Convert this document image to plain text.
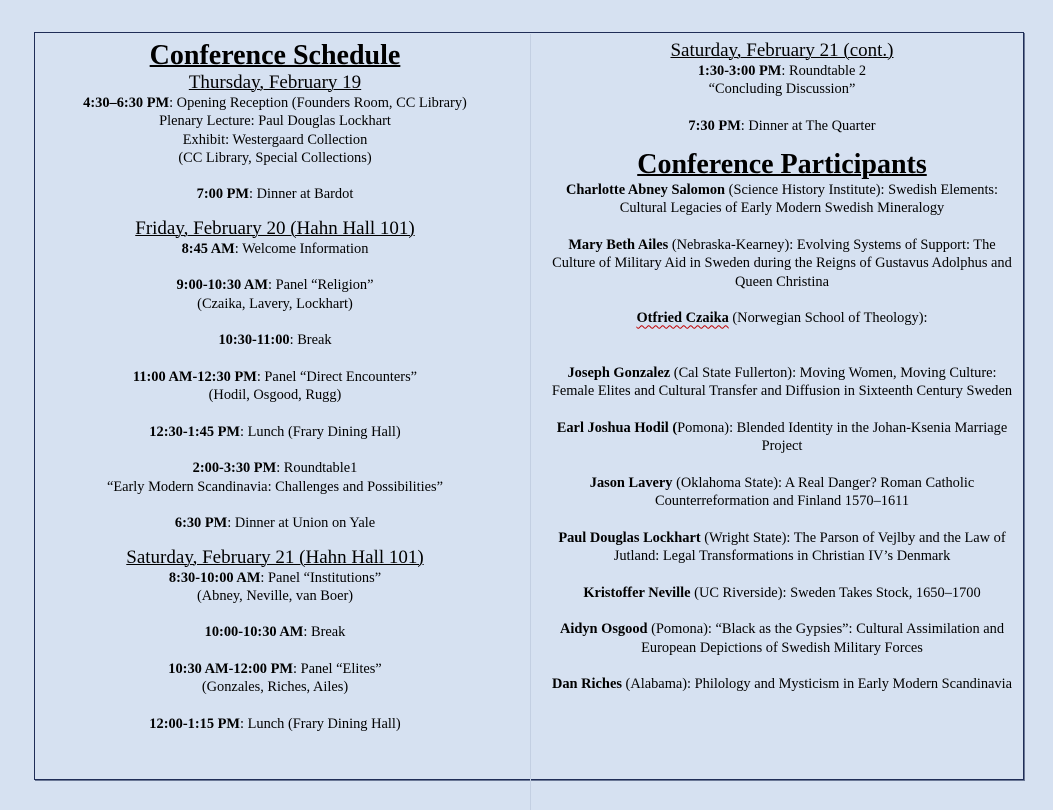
Conference Schedule
Thursday, February 19
4:30–6:30 PM: Opening Reception (Founders Room, CC Library)
Plenary Lecture: Paul Douglas Lockhart
Exhibit: Westergaard Collection
(CC Library, Special Collections)
7:00 PM: Dinner at Bardot
Friday, February 20 (Hahn Hall 101)
8:45 AM: Welcome Information
9:00-10:30 AM: Panel “Religion”
(Czaika, Lavery, Lockhart)
10:30-11:00: Break
11:00 AM-12:30 PM: Panel “Direct Encounters”
(Hodil, Osgood, Rugg)
12:30-1:45 PM: Lunch (Frary Dining Hall)
2:00-3:30 PM: Roundtable1
“Early Modern Scandinavia: Challenges and Possibilities”
6:30 PM: Dinner at Union on Yale
Saturday, February 21 (Hahn Hall 101)
8:30-10:00 AM: Panel “Institutions”
(Abney, Neville, van Boer)
10:00-10:30 AM: Break
10:30 AM-12:00 PM: Panel “Elites”
(Gonzales, Riches, Ailes)
12:00-1:15 PM: Lunch (Frary Dining Hall)
Saturday, February 21 (cont.)
1:30-3:00 PM: Roundtable 2
“Concluding Discussion”
7:30 PM: Dinner at The Quarter
Conference Participants
Charlotte Abney Salomon (Science History Institute): Swedish Elements: Cultural Legacies of Early Modern Swedish Mineralogy
Mary Beth Ailes (Nebraska-Kearney): Evolving Systems of Support: The Culture of Military Aid in Sweden during the Reigns of Gustavus Adolphus and Queen Christina
Otfried Czaika (Norwegian School of Theology):
Joseph Gonzalez (Cal State Fullerton): Moving Women, Moving Culture: Female Elites and Cultural Transfer and Diffusion in Sixteenth Century Sweden
Earl Joshua Hodil (Pomona): Blended Identity in the Johan-Ksenia Marriage Project
Jason Lavery (Oklahoma State): A Real Danger? Roman Catholic Counterreformation and Finland 1570–1611
Paul Douglas Lockhart (Wright State): The Parson of Vejlby and the Law of Jutland: Legal Transformations in Christian IV’s Denmark
Kristoffer Neville (UC Riverside): Sweden Takes Stock, 1650–1700
Aidyn Osgood (Pomona): “Black as the Gypsies”: Cultural Assimilation and European Depictions of Swedish Military Forces
Dan Riches (Alabama): Philology and Mysticism in Early Modern Scandinavia
